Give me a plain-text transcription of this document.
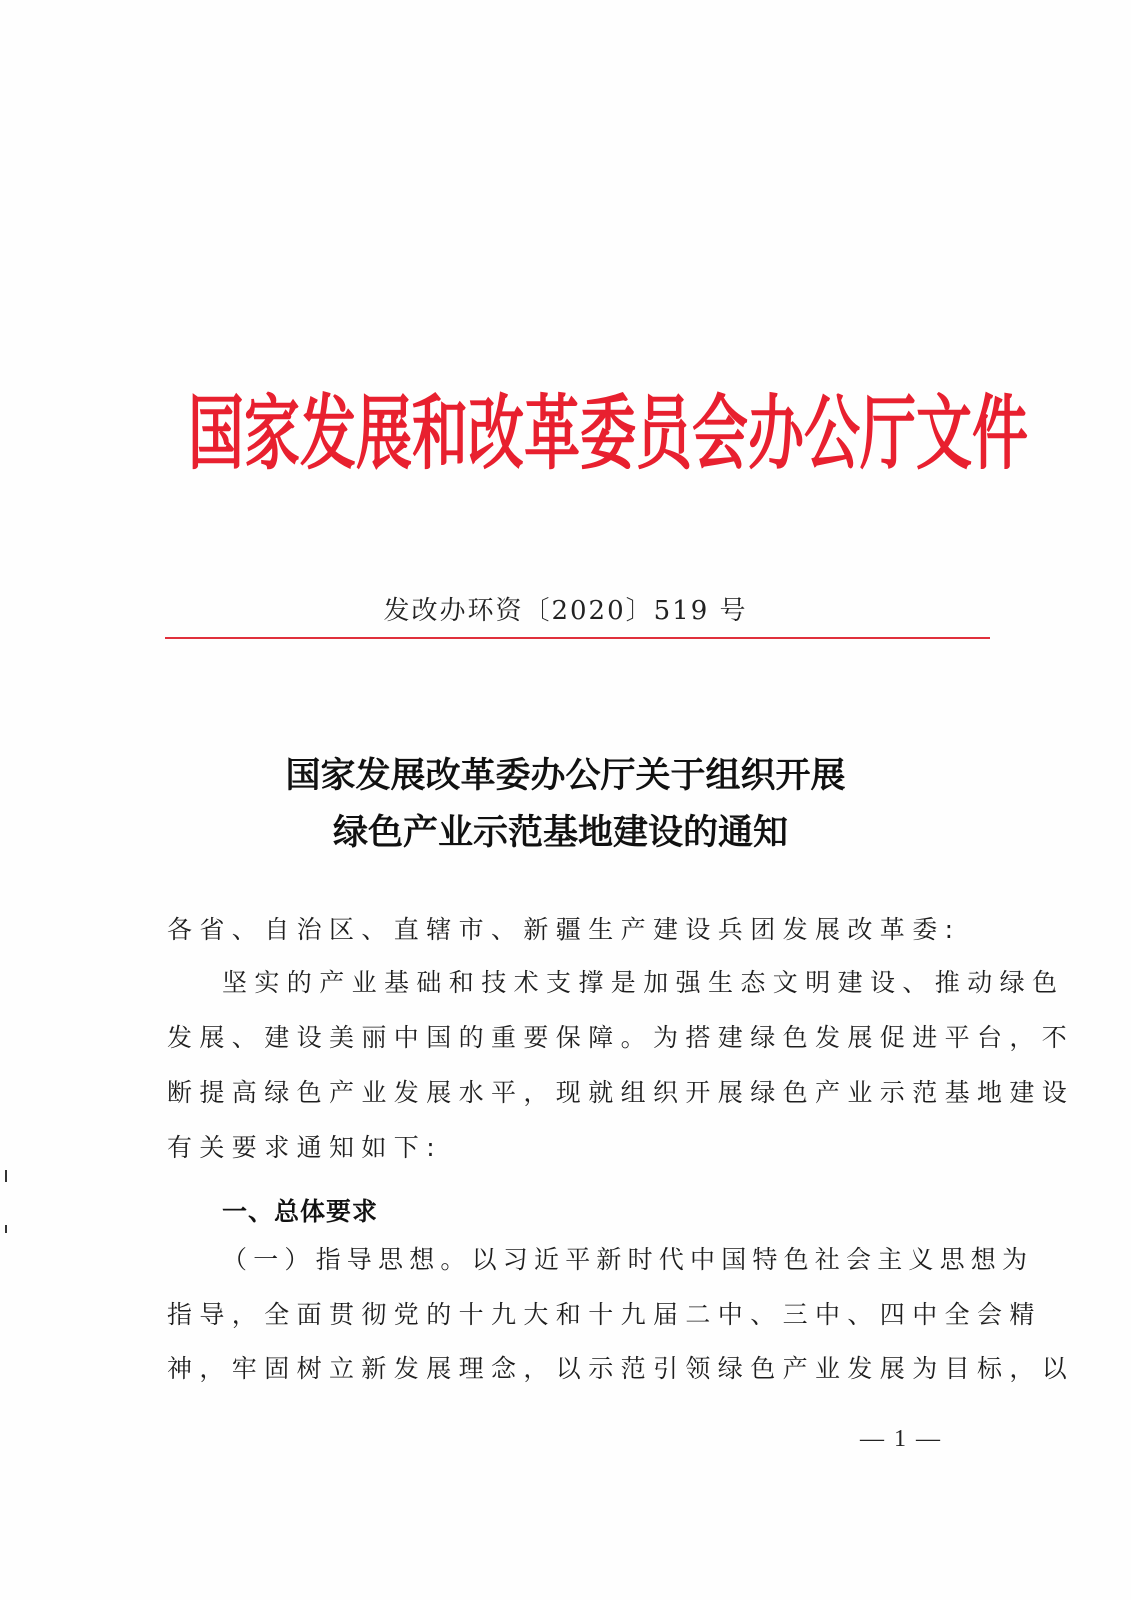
国家发展和改革委员会办公厅文件
发改办环资〔2020〕519 号
国家发展改革委办公厅关于组织开展
绿色产业示范基地建设的通知
各省、自治区、直辖市、新疆生产建设兵团发展改革委:
坚实的产业基础和技术支撑是加强生态文明建设、推动绿色
发展、建设美丽中国的重要保障。为搭建绿色发展促进平台，不
断提高绿色产业发展水平，现就组织开展绿色产业示范基地建设
有关要求通知如下:
一、总体要求
（一）指导思想。以习近平新时代中国特色社会主义思想为
指导，全面贯彻党的十九大和十九届二中、三中、四中全会精
神，牢固树立新发展理念，以示范引领绿色产业发展为目标，以
— 1 —
